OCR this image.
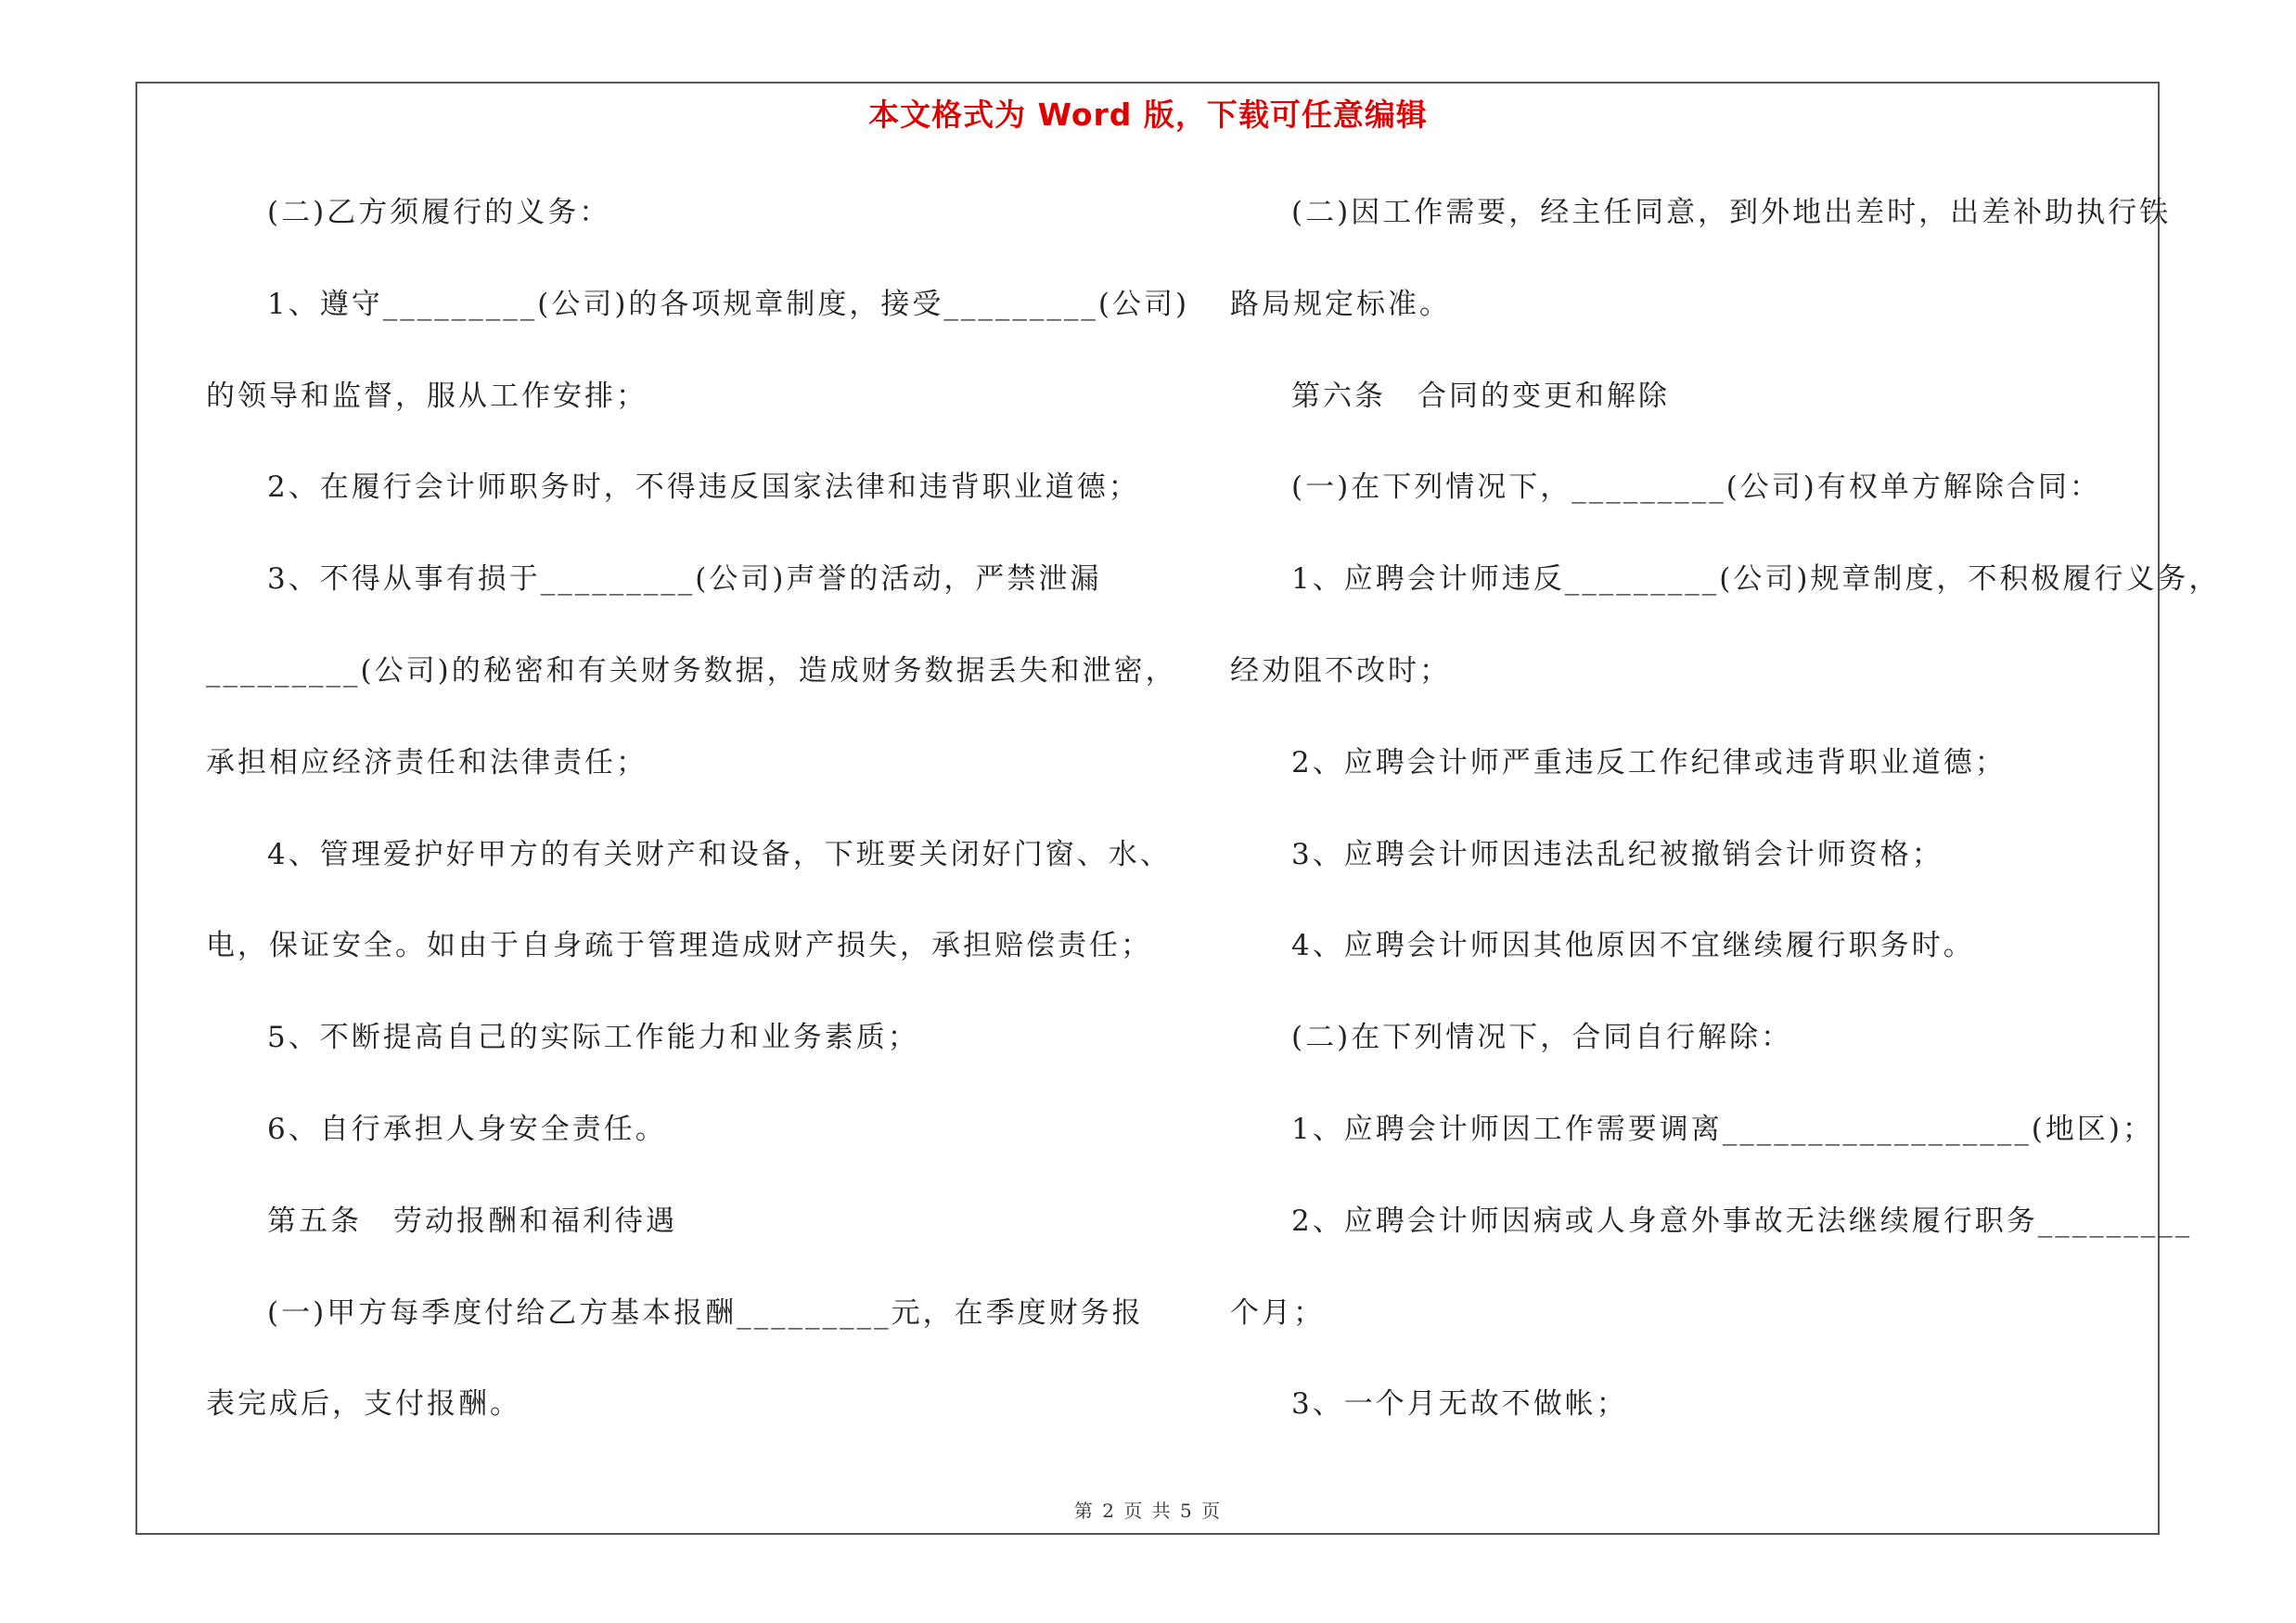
本文格式为 Word 版，下载可任意编辑
(二)乙方须履行的义务：
1、遵守_________(公司)的各项规章制度，接受_________(公司)
的领导和监督，服从工作安排；
2、在履行会计师职务时，不得违反国家法律和违背职业道德；
3、不得从事有损于_________(公司)声誉的活动，严禁泄漏
_________(公司)的秘密和有关财务数据，造成财务数据丢失和泄密，
承担相应经济责任和法律责任；
4、管理爱护好甲方的有关财产和设备，下班要关闭好门窗、水、
电，保证安全。如由于自身疏于管理造成财产损失，承担赔偿责任；
5、不断提高自己的实际工作能力和业务素质；
6、自行承担人身安全责任。
第五条　劳动报酬和福利待遇
(一)甲方每季度付给乙方基本报酬_________元，在季度财务报
表完成后，支付报酬。
(二)因工作需要，经主任同意，到外地出差时，出差补助执行铁
路局规定标准。
第六条　合同的变更和解除
(一)在下列情况下，_________(公司)有权单方解除合同：
1、应聘会计师违反_________(公司)规章制度，不积极履行义务，
经劝阻不改时；
2、应聘会计师严重违反工作纪律或违背职业道德；
3、应聘会计师因违法乱纪被撤销会计师资格；
4、应聘会计师因其他原因不宜继续履行职务时。
(二)在下列情况下，合同自行解除：
1、应聘会计师因工作需要调离__________________(地区)；
2、应聘会计师因病或人身意外事故无法继续履行职务_________
个月；
3、一个月无故不做帐；
第 2 页 共 5 页
